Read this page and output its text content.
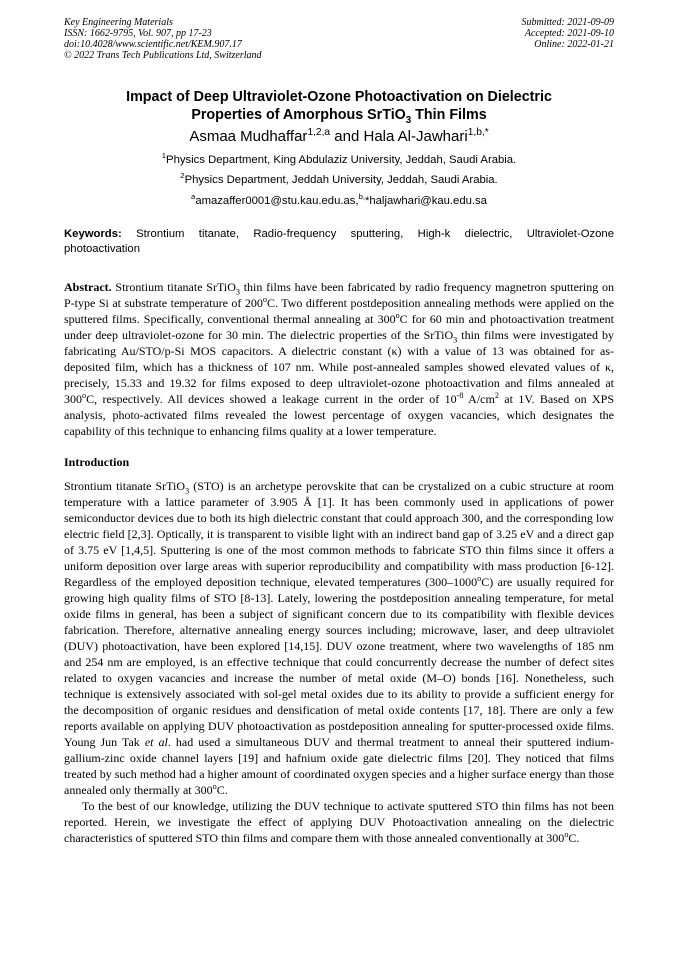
Key Engineering Materials
ISSN: 1662-9795, Vol. 907, pp 17-23
doi:10.4028/www.scientific.net/KEM.907.17
© 2022 Trans Tech Publications Ltd, Switzerland
Submitted: 2021-09-09
Accepted: 2021-09-10
Online: 2022-01-21
Impact of Deep Ultraviolet-Ozone Photoactivation on Dielectric
Properties of Amorphous SrTiO$_3$ Thin Films
Asmaa Mudhaffar$^{1,2,a}$ and Hala Al-Jawhari$^{1,b,*}$
$^1$Physics Department, King Abdulaziz University, Jeddah, Saudi Arabia.
$^2$Physics Department, Jeddah University, Jeddah, Saudi Arabia.
$^a$amazaffer0001@stu.kau.edu.as,$^{b,}$*haljawhari@kau.edu.sa
Keywords: Strontium titanate, Radio-frequency sputtering, High-k dielectric, Ultraviolet-Ozone photoactivation
Abstract. Strontium titanate SrTiO$_3$ thin films have been fabricated by radio frequency magnetron sputtering on P-type Si at substrate temperature of 200$^o$C. Two different postdeposition annealing methods were applied on the sputtered films. Specifically, conventional thermal annealing at 300$^o$C for 60 min and photoactivation treatment under deep ultraviolet-ozone for 30 min. The dielectric properties of the SrTiO$_3$ thin films were investigated by fabricating Au/STO/p-Si MOS capacitors. A dielectric constant (κ) with a value of 13 was obtained for as-deposited film, which has a thickness of 107 nm. While post-annealed samples showed elevated values of κ, precisely, 15.33 and 19.32 for films exposed to deep ultraviolet-ozone photoactivation and films annealed at 300$^o$C, respectively. All devices showed a leakage current in the order of $10^{-8}$ $A/cm^2$ at 1V. Based on XPS analysis, photo-activated films revealed the lowest percentage of oxygen vacancies, which designates the capability of this technique to enhancing films quality at a lower temperature.
Introduction
Strontium titanate SrTiO$_3$ (STO) is an archetype perovskite that can be crystalized on a cubic structure at room temperature with a lattice parameter of 3.905 Å [1]. It has been commonly used in applications of power semiconductor devices due to both its high dielectric constant that could approach 300, and the corresponding low electric field [2,3]. Optically, it is transparent to visible light with an indirect band gap of 3.25 eV and a direct gap of 3.75 eV [1,4,5]. Sputtering is one of the most common methods to fabricate STO thin films since it offers a uniform deposition over large areas with superior reproducibility and compatibility with mass production [6-12]. Regardless of the employed deposition technique, elevated temperatures (300–1000$^o$C) are usually required for growing high quality films of STO [8-13]. Lately, lowering the postdeposition annealing temperature, for metal oxide films in general, has been a subject of significant concern due to its compatibility with flexible devices fabrication. Therefore, alternative annealing energy sources including; microwave, laser, and deep ultraviolet (DUV) photoactivation, have been explored [14,15]. DUV ozone treatment, where two wavelengths of 185 nm and 254 nm are employed, is an effective technique that could concurrently decrease the number of defect sites related to oxygen vacancies and increase the number of metal oxide (M–O) bonds [16]. Nonetheless, such technique is extensively associated with sol-gel metal oxides due to its ability to provide a sufficient energy for the decomposition of organic residues and densification of metal oxide contents [17, 18]. There are only a few reports available on applying DUV photoactivation as postdeposition annealing for sputter-processed oxide films. Young Jun Tak et al. had used a simultaneous DUV and thermal treatment to anneal their sputtered indium-gallium-zinc oxide channel layers [19] and hafnium oxide gate dielectric films [20]. They noticed that films treated by such method had a higher amount of coordinated oxygen species and a higher surface energy than those annealed only thermally at 300$^o$C.
To the best of our knowledge, utilizing the DUV technique to activate sputtered STO thin films has not been reported. Herein, we investigate the effect of applying DUV Photoactivation annealing on the dielectric characteristics of sputtered STO thin films and compare them with those annealed conventionally at 300$^o$C.
